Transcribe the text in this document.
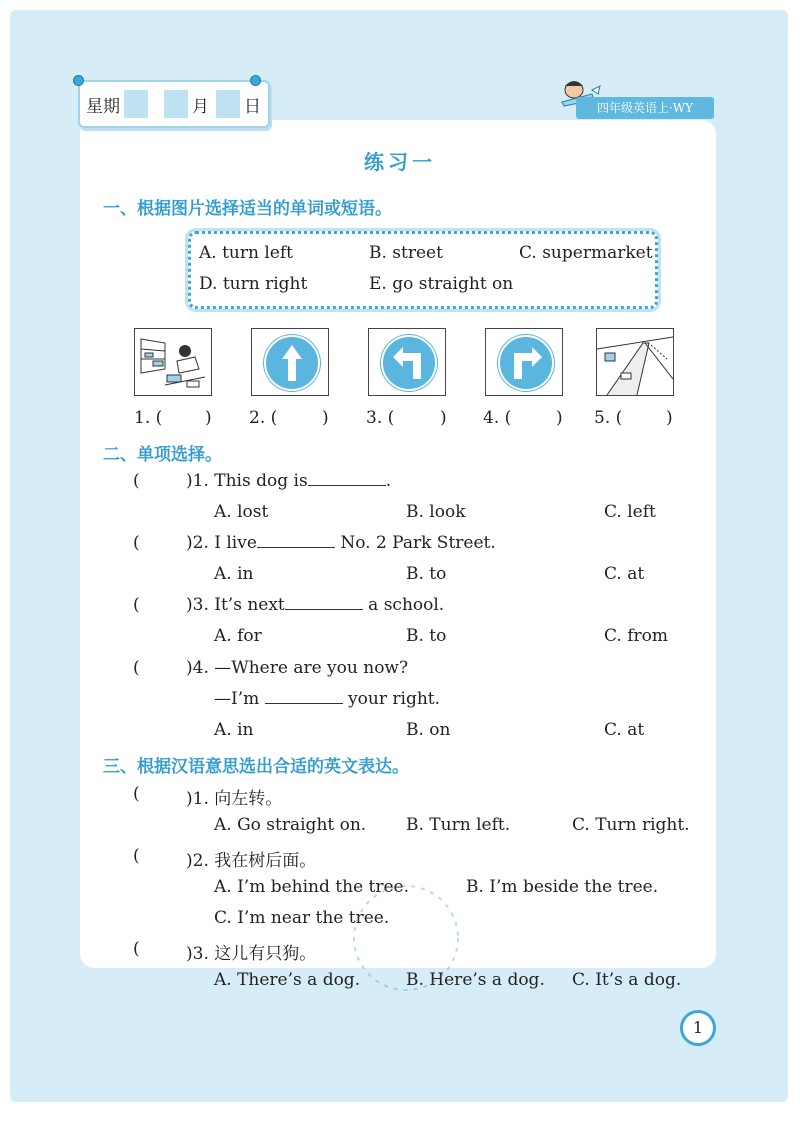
星期	月 日	四年级英语上·WY
练习一
一、根据图片选择适当的单词或短语。
A. turn left	B. street	C. supermarket
D. turn right	E. go straight on
1. (	) 2. (	) 3. (	) 4. (	) 5. (	)
二、单项选择。
(	)1. This dog is	.
A. lost	B. look	C. left
(	)2. I live	No. 2 Park Street.
A. in	B. to	C. at
(	)3. It’s next	a school.
A. for	B. to	C. from
(	)4. —Where are you now?
—I’m	your right.
A. in	B. on	C. at
三、根据汉语意思选出合适的英文表达。
(	)1. 向左转。
A. Go straight on. B. Turn left.	C. Turn right.
(	)2. 我在树后面。
A. I’m behind the tree.	B. I’m beside the tree.
C. I’m near the tree.
(	)3. 这儿有只狗。
A. There’s a dog.	B. Here’s a dog. C. It’s a dog.
1
